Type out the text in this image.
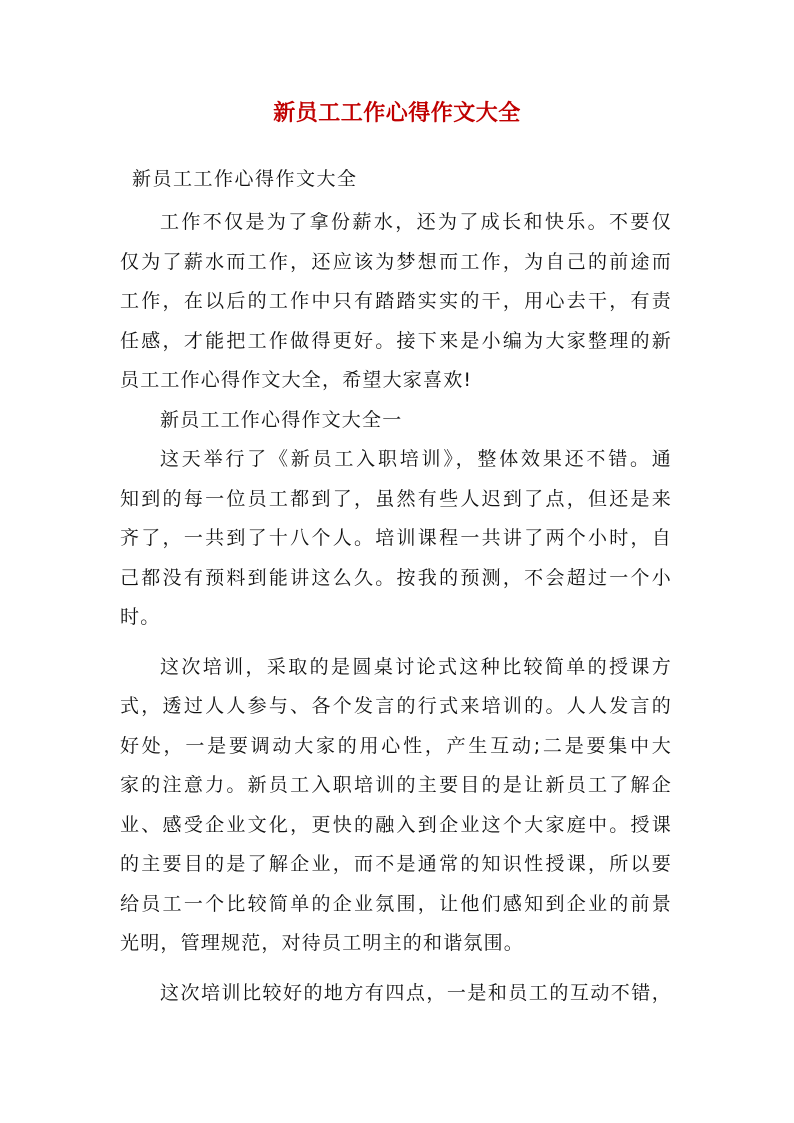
新员工工作心得作文大全
新员工工作心得作文大全
工作不仅是为了拿份薪水，还为了成长和快乐。不要仅
仅为了薪水而工作，还应该为梦想而工作，为自己的前途而
工作，在以后的工作中只有踏踏实实的干，用心去干，有责
任感，才能把工作做得更好。接下来是小编为大家整理的新
员工工作心得作文大全，希望大家喜欢!
新员工工作心得作文大全一
这天举行了《新员工入职培训》，整体效果还不错。通
知到的每一位员工都到了，虽然有些人迟到了点，但还是来
齐了，一共到了十八个人。培训课程一共讲了两个小时，自
己都没有预料到能讲这么久。按我的预测，不会超过一个小
时。
这次培训，采取的是圆桌讨论式这种比较简单的授课方
式，透过人人参与、各个发言的行式来培训的。人人发言的
好处，一是要调动大家的用心性，产生互动;二是要集中大
家的注意力。新员工入职培训的主要目的是让新员工了解企
业、感受企业文化，更快的融入到企业这个大家庭中。授课
的主要目的是了解企业，而不是通常的知识性授课，所以要
给员工一个比较简单的企业氛围，让他们感知到企业的前景
光明，管理规范，对待员工明主的和谐氛围。
这次培训比较好的地方有四点，一是和员工的互动不错，
